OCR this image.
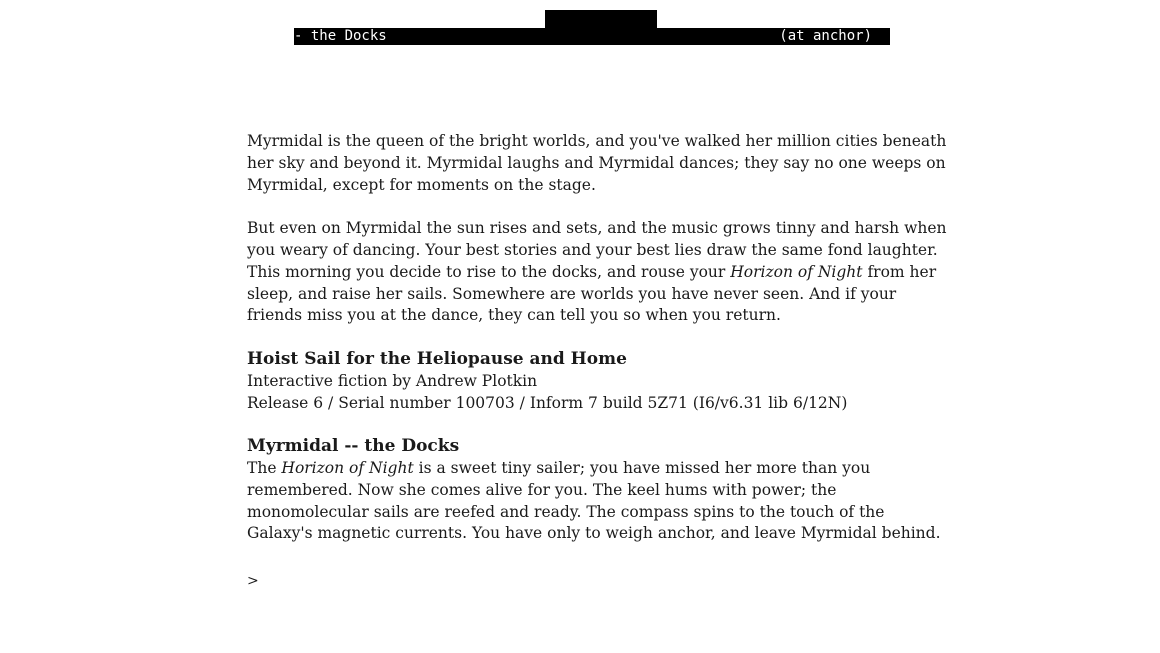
- the Docks

	(at anchor)

Myrmidal is the queen of the bright worlds, and you've walked her million cities beneath her sky and beyond it. Myrmidal laughs and Myrmidal dances; they say no one weeps on Myrmidal, except for moments on the stage.

But even on Myrmidal the sun rises and sets, and the music grows tinny and harsh when you weary of dancing. Your best stories and your best lies draw the same fond laughter. This morning you decide to rise to the docks, and rouse your Horizon of Night from her sleep, and raise her sails. Somewhere are worlds you have never seen. And if your friends miss you at the dance, they can tell you so when you return.

Hoist Sail for the Heliopause and Home
Interactive fiction by Andrew Plotkin
Release 6 / Serial number 100703 / Inform 7 build 5Z71 (I6/v6.31 lib 6/12N)

Myrmidal -- the Docks
The Horizon of Night is a sweet tiny sailer; you have missed her more than you remembered. Now she comes alive for you. The keel hums with power; the monomolecular sails are reefed and ready. The compass spins to the touch of the Galaxy's magnetic currents. You have only to weigh anchor, and leave Myrmidal behind.

>
